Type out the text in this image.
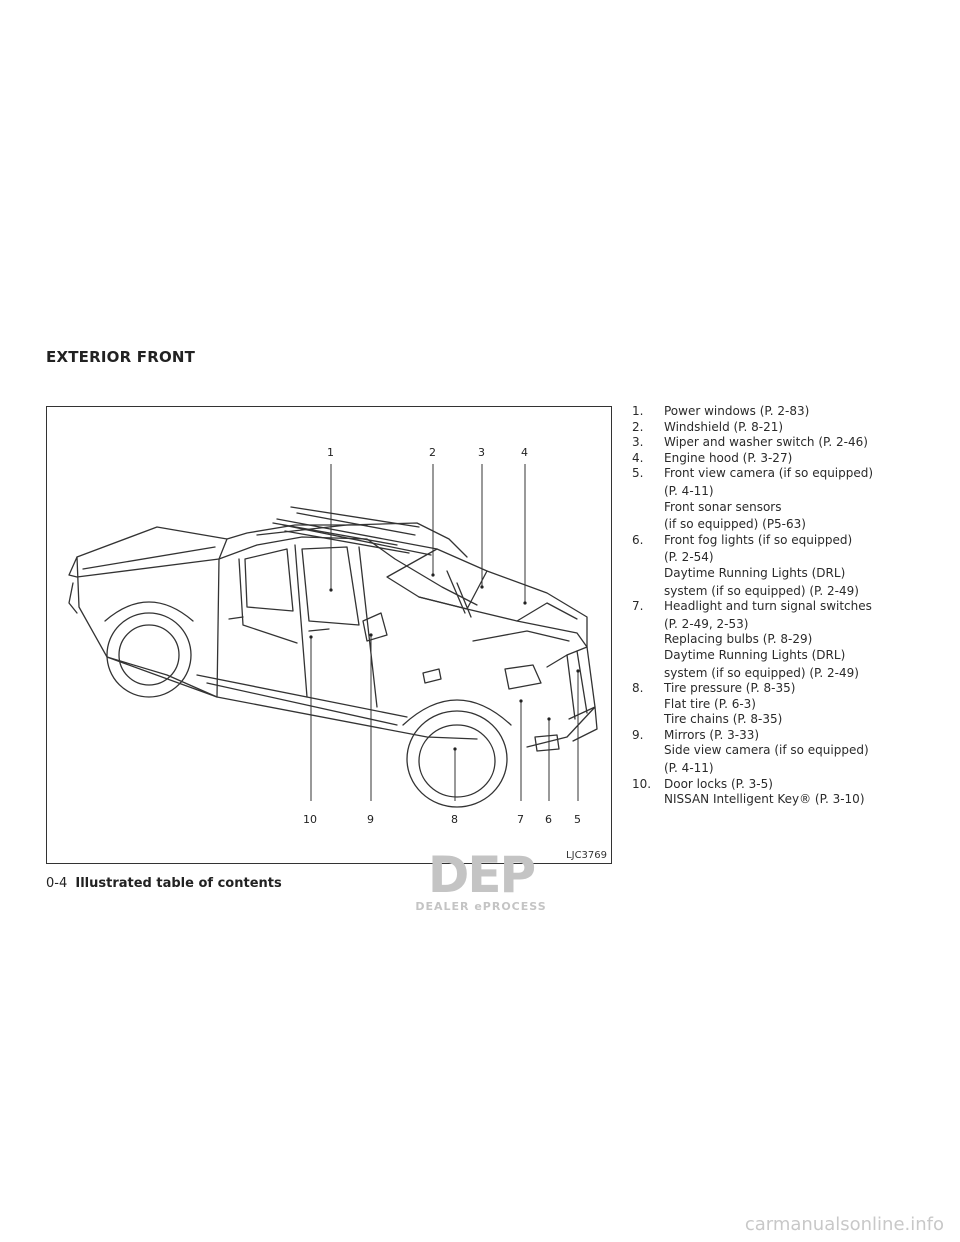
EXTERIOR FRONT
1	2	3	4
5
6
7
8
9
10
LJC3769
1. Power windows (P. 2-83)
2. Windshield (P. 8-21)
3. Wiper and washer switch (P. 2-46)
4. Engine hood (P. 3-27)
5. Front view camera (if so equipped)
(P. 4-11)
Front sonar sensors
(if so equipped) (P5-63)
6. Front fog lights (if so equipped)
(P. 2-54)
Daytime Running Lights (DRL)
system (if so equipped) (P. 2-49)
7. Headlight and turn signal switches
(P. 2-49, 2-53)
Replacing bulbs (P. 8-29)
Daytime Running Lights (DRL)
system (if so equipped) (P. 2-49)
8. Tire pressure (P. 8-35)
Flat tire (P. 6-3)
Tire chains (P. 8-35)
9. Mirrors (P. 3-33)
Side view camera (if so equipped)
(P. 4-11)
10. Door locks (P. 3-5)
NISSAN Intelligent Key® (P. 3-10)
0-4 Illustrated table of contents	DEP
DEALER ePROCESS
carmanualsonline.info
